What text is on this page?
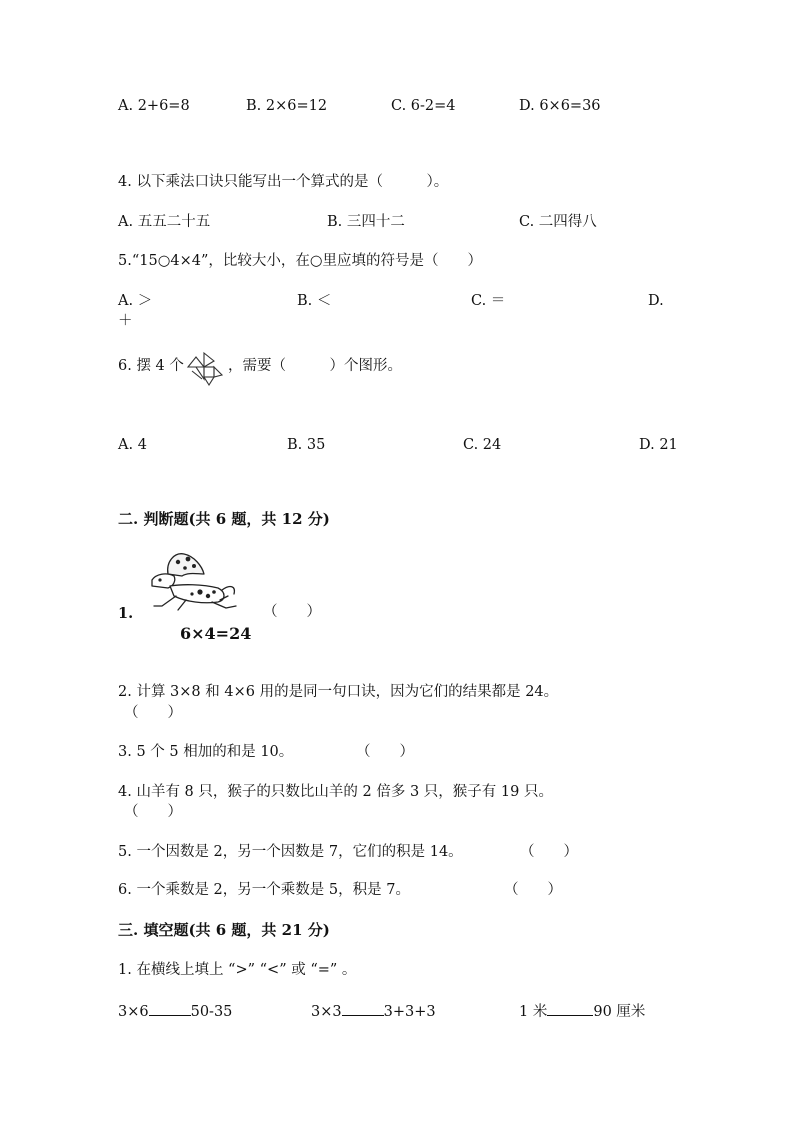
A. 2+6=8	B. 2×6=12	C. 6-2=4	D. 6×6=36
4. 以下乘法口诀只能写出一个算式的是（　　　）。
A. 五五二十五	B. 三四十二	C. 二四得八
5.“15○4×4”，比较大小，在○里应填的符号是（　　）
A. ＞	B. ＜	C. ＝	D.
＋
6. 摆 4 个	，需要（　　　）个图形。
A. 4	B. 35	C. 24	D. 21
二. 判断题(共 6 题，共 12 分)
1.	（　　）
6×4=24
2. 计算 3×8 和 4×6 用的是同一句口诀，因为它们的结果都是 24。
（　　）
3. 5 个 5 相加的和是 10。	（　　）
4. 山羊有 8 只，猴子的只数比山羊的 2 倍多 3 只，猴子有 19 只。
（　　）
5. 一个因数是 2，另一个因数是 7，它们的积是 14。	（　　）
6. 一个乘数是 2，另一个乘数是 5，积是 7。	（　　）
三. 填空题(共 6 题，共 21 分)
1. 在横线上填上 “>” “<” 或 “=” 。
3×6	50-35	3×3	3+3+3	1 米	90 厘米
